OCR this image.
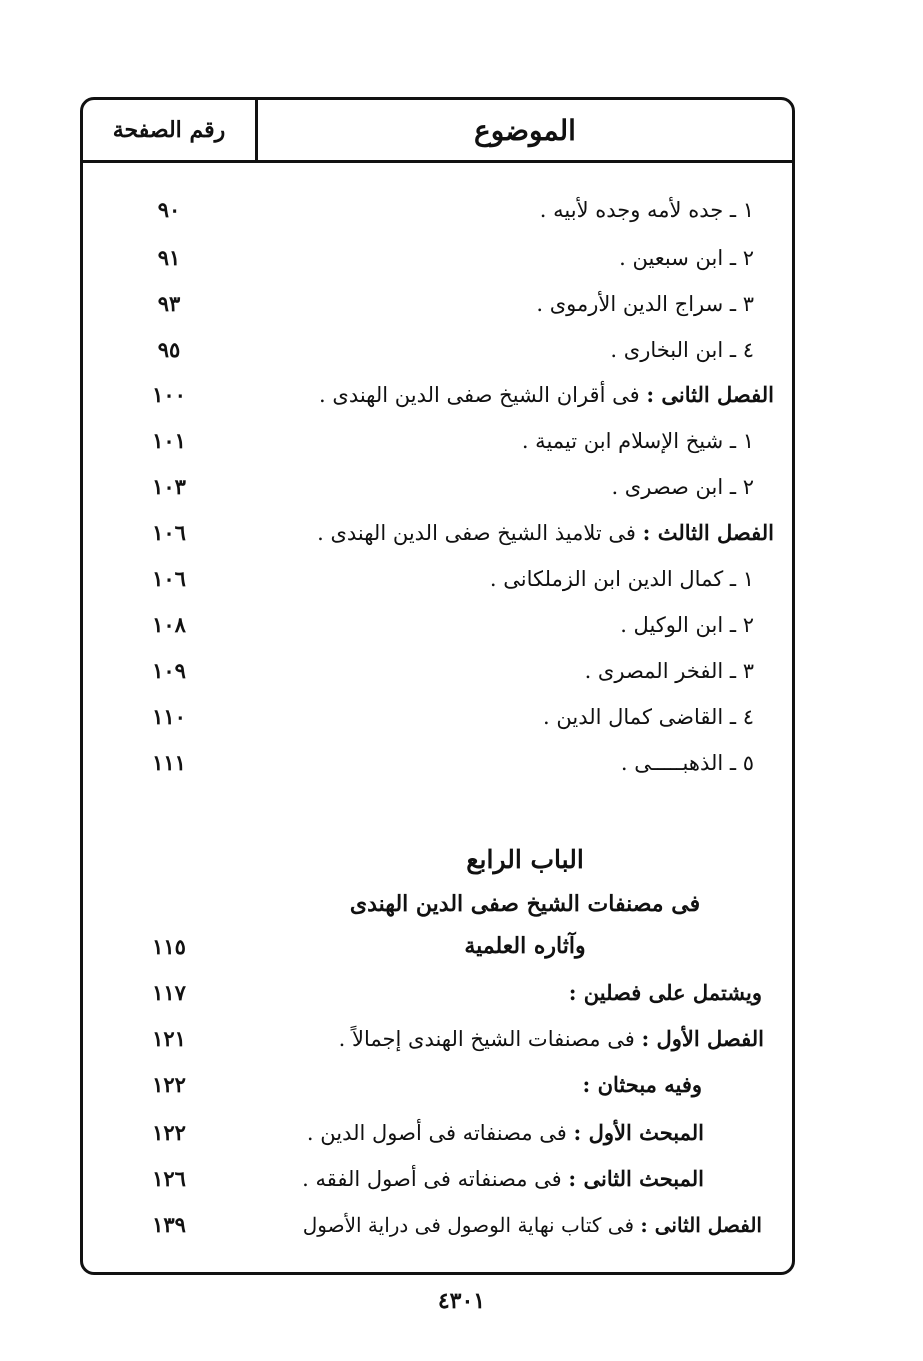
الموضوع
رقم الصفحة
١ ـ جده لأمه وجده لأبيه .
٩٠
٢ ـ ابن سبعين .
٩١
٣ ـ سراج الدين الأرموى .
٩٣
٤ ـ ابن البخارى .
٩٥
الفصل الثانى : فى أقران الشيخ صفى الدين الهندى .
١٠٠
١ ـ شيخ الإسلام ابن تيمية .
١٠١
٢ ـ ابن صصرى .
١٠٣
الفصل الثالث : فى تلاميذ الشيخ صفى الدين الهندى .
١٠٦
١ ـ كمال الدين ابن الزملكانى .
١٠٦
٢ ـ ابن الوكيل .
١٠٨
٣ ـ الفخر المصرى .
١٠٩
٤ ـ القاضى كمال الدين .
١١٠
٥ ـ الذهبـــــى .
١١١
الباب الرابع
فى مصنفات الشيخ صفى الدين الهندى
وآثاره العلمية
١١٥
ويشتمل على فصلين :
١١٧
الفصل الأول : فى مصنفات الشيخ الهندى إجمالاً .
١٢١
وفيه مبحثان :
١٢٢
المبحث الأول : فى مصنفاته فى أصول الدين .
١٢٢
المبحث الثانى : فى مصنفاته فى أصول الفقه .
١٢٦
الفصل الثانى : فى كتاب نهاية الوصول فى دراية الأصول
١٣٩
٤٣٠١
